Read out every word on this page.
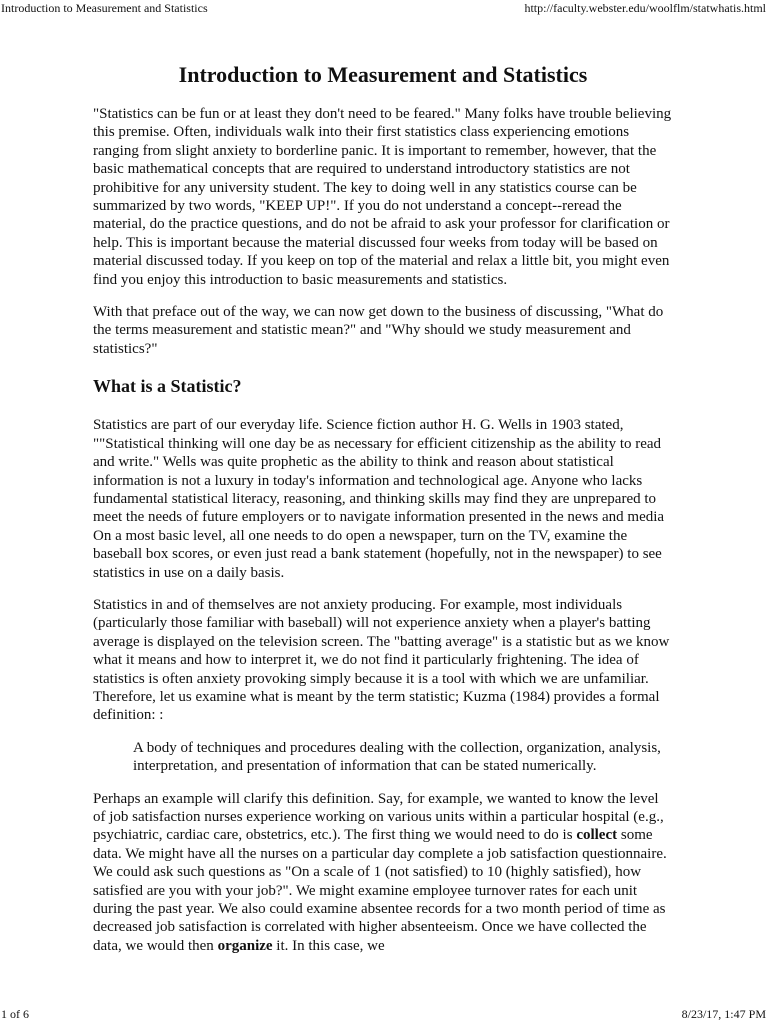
Introduction to Measurement and Statistics	http://faculty.webster.edu/woolflm/statwhatis.html
Introduction to Measurement and Statistics

"Statistics can be fun or at least they don't need to be feared." Many folks have trouble believing this premise. Often, individuals walk into their first statistics class experiencing emotions ranging from slight anxiety to borderline panic. It is important to remember, however, that the basic mathematical concepts that are required to understand introductory statistics are not prohibitive for any university student. The key to doing well in any statistics course can be summarized by two words, "KEEP UP!". If you do not understand a concept--reread the material, do the practice questions, and do not be afraid to ask your professor for clarification or help. This is important because the material discussed four weeks from today will be based on material discussed today. If you keep on top of the material and relax a little bit, you might even find you enjoy this introduction to basic measurements and statistics.

With that preface out of the way, we can now get down to the business of discussing, "What do the terms measurement and statistic mean?" and "Why should we study measurement and statistics?"

What is a Statistic?

Statistics are part of our everyday life. Science fiction author H. G. Wells in 1903 stated, ""Statistical thinking will one day be as necessary for efficient citizenship as the ability to read and write." Wells was quite prophetic as the ability to think and reason about statistical information is not a luxury in today's information and technological age. Anyone who lacks fundamental statistical literacy, reasoning, and thinking skills may find they are unprepared to meet the needs of future employers or to navigate information presented in the news and media On a most basic level, all one needs to do open a newspaper, turn on the TV, examine the baseball box scores, or even just read a bank statement (hopefully, not in the newspaper) to see statistics in use on a daily basis.

Statistics in and of themselves are not anxiety producing. For example, most individuals (particularly those familiar with baseball) will not experience anxiety when a player's batting average is displayed on the television screen. The "batting average" is a statistic but as we know what it means and how to interpret it, we do not find it particularly frightening. The idea of statistics is often anxiety provoking simply because it is a tool with which we are unfamiliar. Therefore, let us examine what is meant by the term statistic; Kuzma (1984) provides a formal definition: :

A body of techniques and procedures dealing with the collection, organization, analysis, interpretation, and presentation of information that can be stated numerically.

Perhaps an example will clarify this definition. Say, for example, we wanted to know the level of job satisfaction nurses experience working on various units within a particular hospital (e.g., psychiatric, cardiac care, obstetrics, etc.). The first thing we would need to do is collect some data. We might have all the nurses on a particular day complete a job satisfaction questionnaire. We could ask such questions as "On a scale of 1 (not satisfied) to 10 (highly satisfied), how satisfied are you with your job?". We might examine employee turnover rates for each unit during the past year. We also could examine absentee records for a two month period of time as decreased job satisfaction is correlated with higher absenteeism. Once we have collected the data, we would then organize it. In this case, we

1 of 6	8/23/17, 1:47 PM
